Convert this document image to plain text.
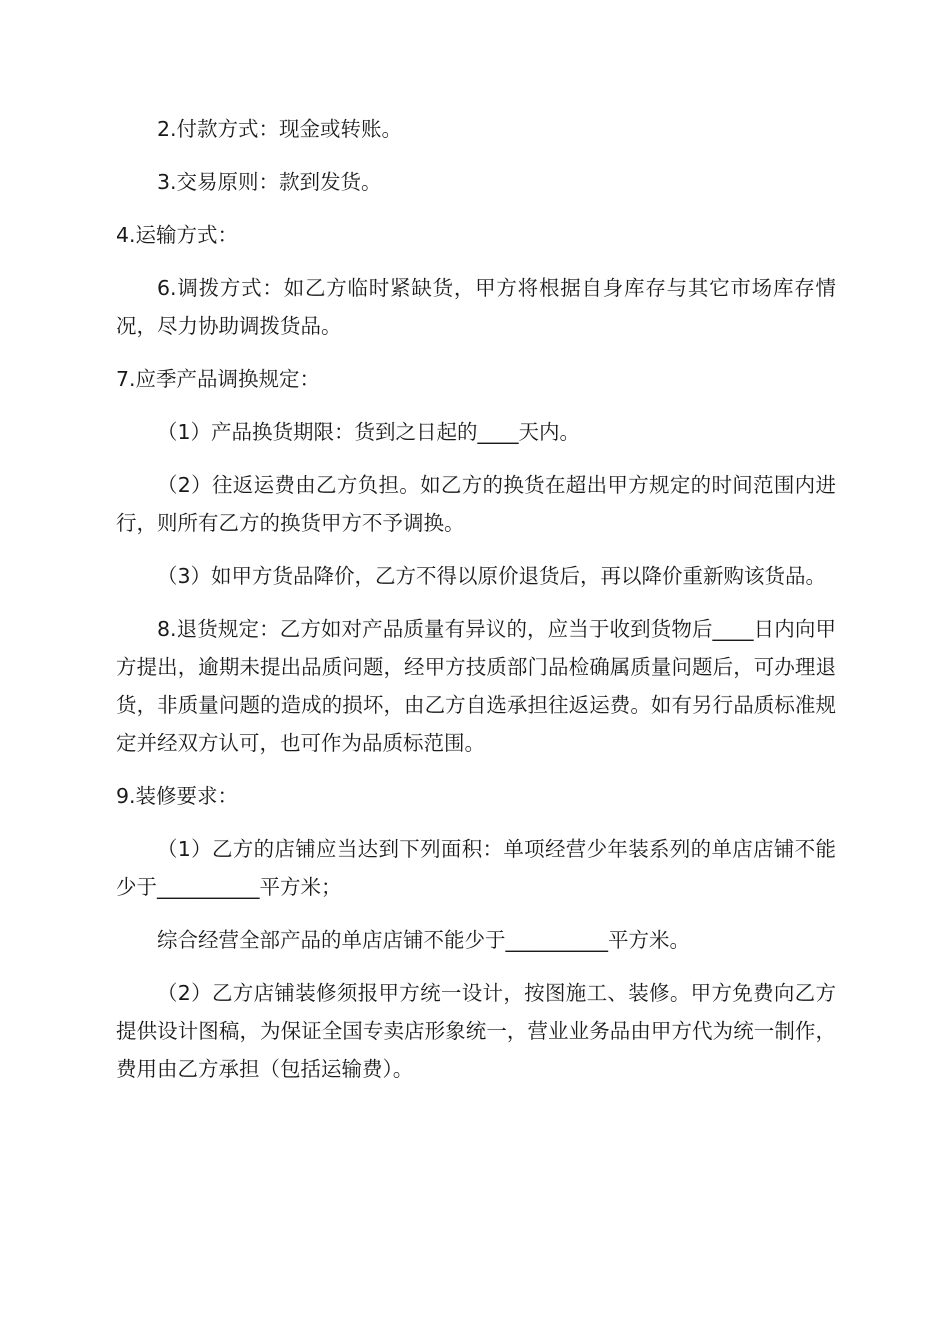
2.付款方式：现金或转账。

3.交易原则：款到发货。

4.运输方式：

6.调拨方式：如乙方临时紧缺货，甲方将根据自身库存与其它市场库存情况，尽力协助调拨货品。

7.应季产品调换规定：

（1）产品换货期限：货到之日起的____天内。

（2）往返运费由乙方负担。如乙方的换货在超出甲方规定的时间范围内进行，则所有乙方的换货甲方不予调换。

（3）如甲方货品降价，乙方不得以原价退货后，再以降价重新购该货品。

8.退货规定：乙方如对产品质量有异议的，应当于收到货物后____日内向甲方提出，逾期未提出品质问题，经甲方技质部门品检确属质量问题后，可办理退货，非质量问题的造成的损坏，由乙方自选承担往返运费。如有另行品质标准规定并经双方认可，也可作为品质标范围。

9.装修要求：

（1）乙方的店铺应当达到下列面积：单项经营少年装系列的单店店铺不能少于__________平方米；

综合经营全部产品的单店店铺不能少于__________平方米。

（2）乙方店铺装修须报甲方统一设计，按图施工、装修。甲方免费向乙方提供设计图稿，为保证全国专卖店形象统一，营业业务品由甲方代为统一制作，费用由乙方承担（包括运输费）。
